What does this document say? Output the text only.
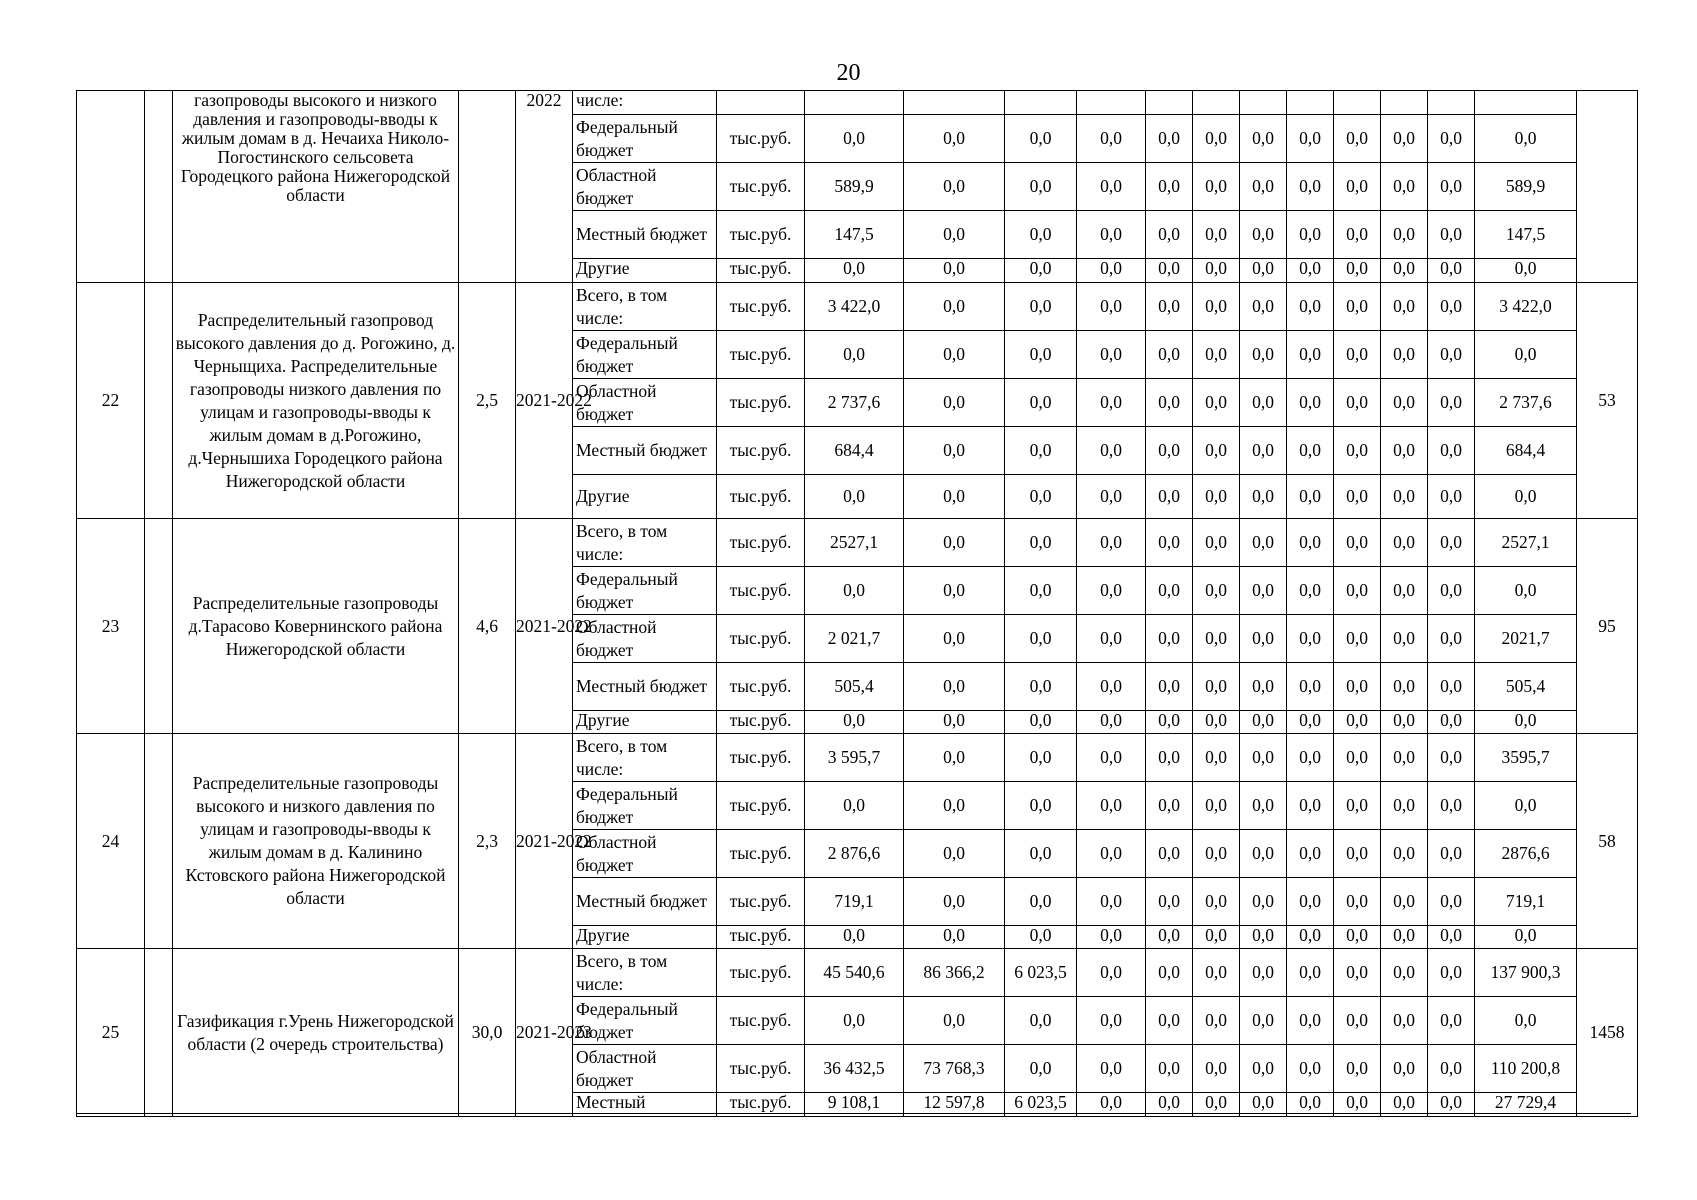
20
		газопроводы высокого и низкого давления и газопроводы-вводы к жилым домам в д. Нечаиха Николо-Погостинского сельсовета Городецкого района Нижегородской области		2022	числе:														
					Федеральный бюджет	тыс.руб.	0,0	0,0	0,0	0,0	0,0	0,0	0,0	0,0	0,0	0,0	0,0	0,0	
					Областной бюджет	тыс.руб.	589,9	0,0	0,0	0,0	0,0	0,0	0,0	0,0	0,0	0,0	0,0	589,9	
					Местный бюджет	тыс.руб.	147,5	0,0	0,0	0,0	0,0	0,0	0,0	0,0	0,0	0,0	0,0	147,5	
					Другие	тыс.руб.	0,0	0,0	0,0	0,0	0,0	0,0	0,0	0,0	0,0	0,0	0,0	0,0	
22		Распределительный газопровод высокого давления до д. Рогожино, д. Черныщиха. Распределительные газопроводы низкого давления по улицам и газопроводы-вводы к жилым домам в д.Рогожино, д.Чернышиха Городецкого района Нижегородской области	2,5	2021-2022	Всего, в том числе:	тыс.руб.	3 422,0	0,0	0,0	0,0	0,0	0,0	0,0	0,0	0,0	0,0	0,0	3 422,0	53
					Федеральный бюджет	тыс.руб.	0,0	0,0	0,0	0,0	0,0	0,0	0,0	0,0	0,0	0,0	0,0	0,0	
					Областной бюджет	тыс.руб.	2 737,6	0,0	0,0	0,0	0,0	0,0	0,0	0,0	0,0	0,0	0,0	2 737,6	
					Местный бюджет	тыс.руб.	684,4	0,0	0,0	0,0	0,0	0,0	0,0	0,0	0,0	0,0	0,0	684,4	
					Другие	тыс.руб.	0,0	0,0	0,0	0,0	0,0	0,0	0,0	0,0	0,0	0,0	0,0	0,0	
23		Распределительные газопроводы д.Тарасово Ковернинского района Нижегородской области	4,6	2021-2022	Всего, в том числе:	тыс.руб.	2527,1	0,0	0,0	0,0	0,0	0,0	0,0	0,0	0,0	0,0	0,0	2527,1	95
					Федеральный бюджет	тыс.руб.	0,0	0,0	0,0	0,0	0,0	0,0	0,0	0,0	0,0	0,0	0,0	0,0	
					Областной бюджет	тыс.руб.	2 021,7	0,0	0,0	0,0	0,0	0,0	0,0	0,0	0,0	0,0	0,0	2021,7	
					Местный бюджет	тыс.руб.	505,4	0,0	0,0	0,0	0,0	0,0	0,0	0,0	0,0	0,0	0,0	505,4	
					Другие	тыс.руб.	0,0	0,0	0,0	0,0	0,0	0,0	0,0	0,0	0,0	0,0	0,0	0,0	
24		Распределительные газопроводы высокого и низкого давления по улицам и газопроводы-вводы к жилым домам в д. Калинино Кстовского района Нижегородской области	2,3	2021-2022	Всего, в том числе:	тыс.руб.	3 595,7	0,0	0,0	0,0	0,0	0,0	0,0	0,0	0,0	0,0	0,0	3595,7	58
					Федеральный бюджет	тыс.руб.	0,0	0,0	0,0	0,0	0,0	0,0	0,0	0,0	0,0	0,0	0,0	0,0	
					Областной бюджет	тыс.руб.	2 876,6	0,0	0,0	0,0	0,0	0,0	0,0	0,0	0,0	0,0	0,0	2876,6	
					Местный бюджет	тыс.руб.	719,1	0,0	0,0	0,0	0,0	0,0	0,0	0,0	0,0	0,0	0,0	719,1	
					Другие	тыс.руб.	0,0	0,0	0,0	0,0	0,0	0,0	0,0	0,0	0,0	0,0	0,0	0,0	
25		Газификация г.Урень Нижегородской области (2 очередь строительства)	30,0	2021-2023	Всего, в том числе:	тыс.руб.	45 540,6	86 366,2	6 023,5	0,0	0,0	0,0	0,0	0,0	0,0	0,0	0,0	137 900,3	1458
					Федеральный бюджет	тыс.руб.	0,0	0,0	0,0	0,0	0,0	0,0	0,0	0,0	0,0	0,0	0,0	0,0	
					Областной бюджет	тыс.руб.	36 432,5	73 768,3	0,0	0,0	0,0	0,0	0,0	0,0	0,0	0,0	0,0	110 200,8	
					Местный	тыс.руб.	9 108,1	12 597,8	6 023,5	0,0	0,0	0,0	0,0	0,0	0,0	0,0	0,0	27 729,4	
